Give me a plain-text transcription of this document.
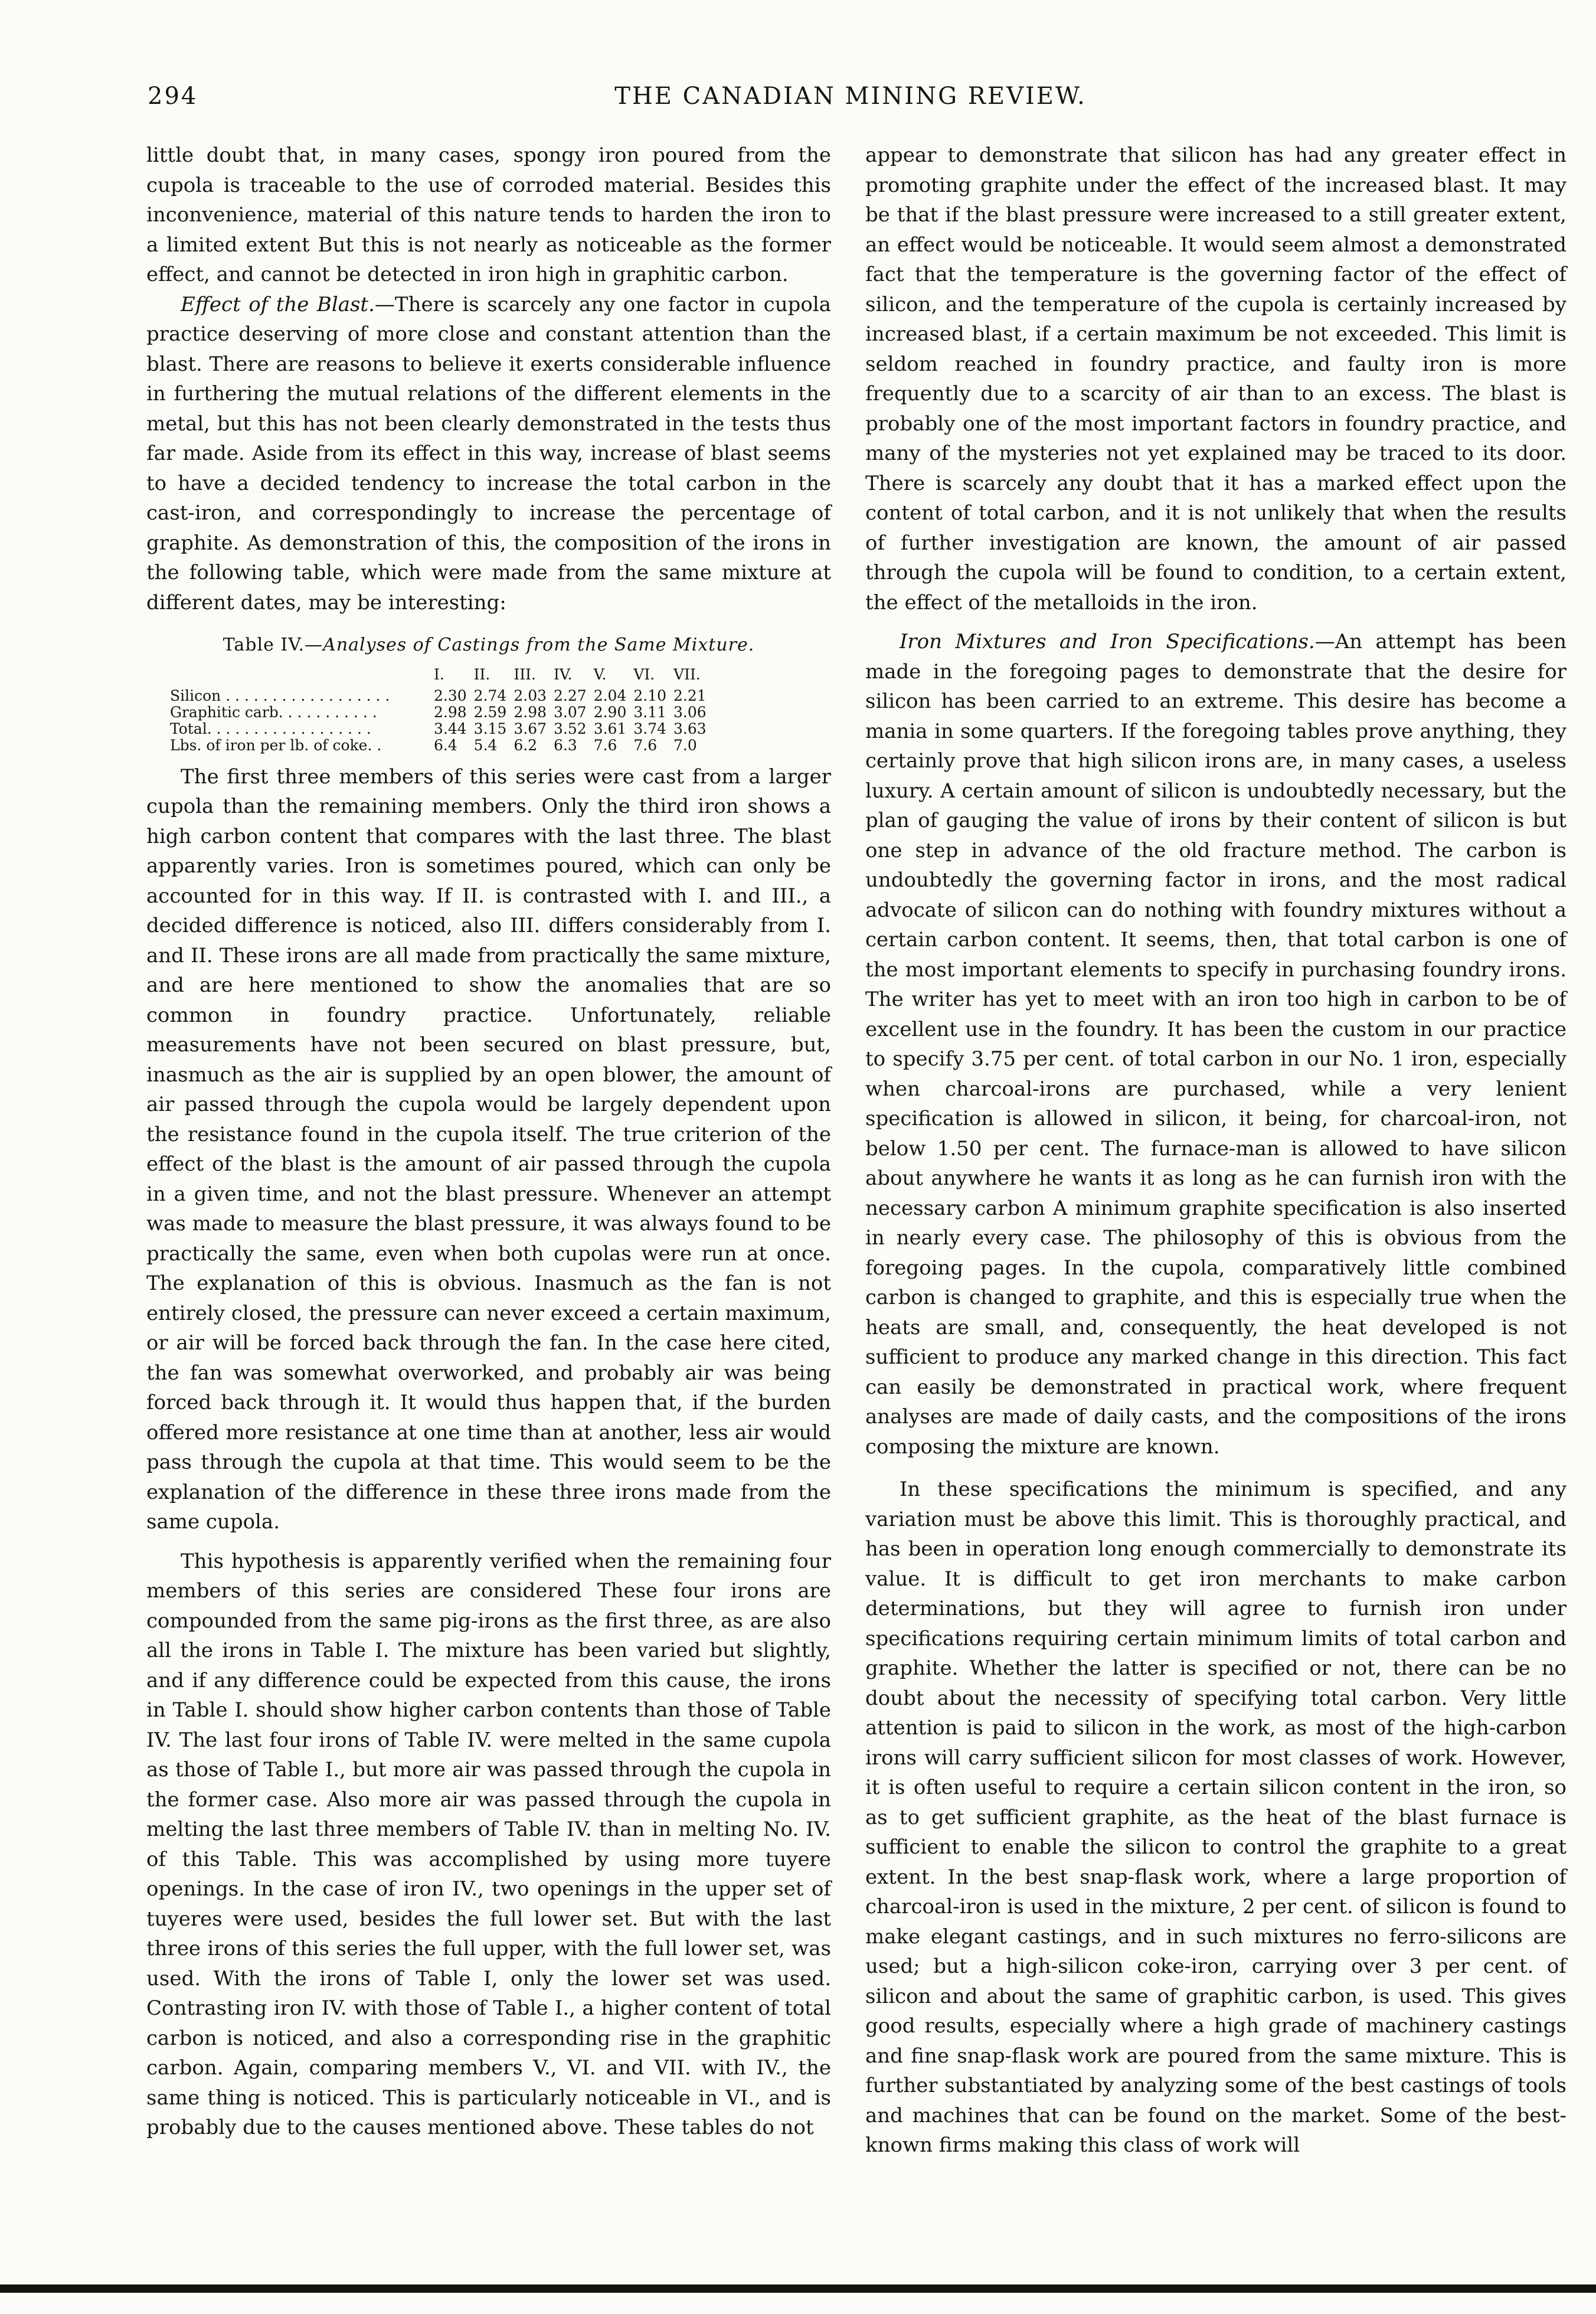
294	THE CANADIAN MINING REVIEW.

little doubt that, in many cases, spongy iron poured from the cupola is traceable to the use of corroded material. Besides this inconvenience, material of this nature tends to harden the iron to a limited extent But this is not nearly as noticeable as the former effect, and cannot be detected in iron high in graphitic carbon.

Effect of the Blast.—There is scarcely any one factor in cupola practice deserving of more close and constant attention than the blast. There are reasons to believe it exerts considerable influence in furthering the mutual relations of the different elements in the metal, but this has not been clearly demonstrated in the tests thus far made. Aside from its effect in this way, increase of blast seems to have a decided tendency to increase the total carbon in the cast-iron, and correspondingly to increase the percentage of graphite. As demonstration of this, the composition of the irons in the following table, which were made from the same mixture at different dates, may be interesting:

Table IV.—Analyses of Castings from the Same Mixture.
	I.	II.	III.	IV.	V.	VI.	VII.
Silicon . . . . . . . . . . . . . . . . . .	2.30	2.74	2.03	2.27	2.04	2.10	2.21
Graphitic carb. . . . . . . . . . .	2.98	2.59	2.98	3.07	2.90	3.11	3.06
Total. . . . . . . . . . . . . . . . . .	3.44	3.15	3.67	3.52	3.61	3.74	3.63
Lbs. of iron per lb. of coke. .	6.4	5.4	6.2	6.3	7.6	7.6	7.0

The first three members of this series were cast from a larger cupola than the remaining members. Only the third iron shows a high carbon content that compares with the last three. The blast apparently varies. Iron is sometimes poured, which can only be accounted for in this way. If II. is contrasted with I. and III., a decided difference is noticed, also III. differs considerably from I. and II. These irons are all made from practically the same mixture, and are here mentioned to show the anomalies that are so common in foundry practice. Unfortunately, reliable measurements have not been secured on blast pressure, but, inasmuch as the air is supplied by an open blower, the amount of air passed through the cupola would be largely dependent upon the resistance found in the cupola itself. The true criterion of the effect of the blast is the amount of air passed through the cupola in a given time, and not the blast pressure. Whenever an attempt was made to measure the blast pressure, it was always found to be practically the same, even when both cupolas were run at once. The explanation of this is obvious. Inasmuch as the fan is not entirely closed, the pressure can never exceed a certain maximum, or air will be forced back through the fan. In the case here cited, the fan was somewhat overworked, and probably air was being forced back through it. It would thus happen that, if the burden offered more resistance at one time than at another, less air would pass through the cupola at that time. This would seem to be the explanation of the difference in these three irons made from the same cupola.

This hypothesis is apparently verified when the remaining four members of this series are considered These four irons are compounded from the same pig-irons as the first three, as are also all the irons in Table I. The mixture has been varied but slightly, and if any difference could be expected from this cause, the irons in Table I. should show higher carbon contents than those of Table IV. The last four irons of Table IV. were melted in the same cupola as those of Table I., but more air was passed through the cupola in the former case. Also more air was passed through the cupola in melting the last three members of Table IV. than in melting No. IV. of this Table. This was accomplished by using more tuyere openings. In the case of iron IV., two openings in the upper set of tuyeres were used, besides the full lower set. But with the last three irons of this series the full upper, with the full lower set, was used. With the irons of Table I, only the lower set was used. Contrasting iron IV. with those of Table I., a higher content of total carbon is noticed, and also a corresponding rise in the graphitic carbon. Again, comparing members V., VI. and VII. with IV., the same thing is noticed. This is particularly noticeable in VI., and is probably due to the causes mentioned above. These tables do not

appear to demonstrate that silicon has had any greater effect in promoting graphite under the effect of the increased blast. It may be that if the blast pressure were increased to a still greater extent, an effect would be noticeable. It would seem almost a demonstrated fact that the temperature is the governing factor of the effect of silicon, and the temperature of the cupola is certainly increased by increased blast, if a certain maximum be not exceeded. This limit is seldom reached in foundry practice, and faulty iron is more frequently due to a scarcity of air than to an excess. The blast is probably one of the most important factors in foundry practice, and many of the mysteries not yet explained may be traced to its door. There is scarcely any doubt that it has a marked effect upon the content of total carbon, and it is not unlikely that when the results of further investigation are known, the amount of air passed through the cupola will be found to condition, to a certain extent, the effect of the metalloids in the iron.

Iron Mixtures and Iron Specifications.—An attempt has been made in the foregoing pages to demonstrate that the desire for silicon has been carried to an extreme. This desire has become a mania in some quarters. If the foregoing tables prove anything, they certainly prove that high silicon irons are, in many cases, a useless luxury. A certain amount of silicon is undoubtedly necessary, but the plan of gauging the value of irons by their content of silicon is but one step in advance of the old fracture method. The carbon is undoubtedly the governing factor in irons, and the most radical advocate of silicon can do nothing with foundry mixtures without a certain carbon content. It seems, then, that total carbon is one of the most important elements to specify in purchasing foundry irons. The writer has yet to meet with an iron too high in carbon to be of excellent use in the foundry. It has been the custom in our practice to specify 3.75 per cent. of total carbon in our No. 1 iron, especially when charcoal-irons are purchased, while a very lenient specification is allowed in silicon, it being, for charcoal-iron, not below 1.50 per cent. The furnace-man is allowed to have silicon about anywhere he wants it as long as he can furnish iron with the necessary carbon A minimum graphite specification is also inserted in nearly every case. The philosophy of this is obvious from the foregoing pages. In the cupola, comparatively little combined carbon is changed to graphite, and this is especially true when the heats are small, and, consequently, the heat developed is not sufficient to produce any marked change in this direction. This fact can easily be demonstrated in practical work, where frequent analyses are made of daily casts, and the compositions of the irons composing the mixture are known.

In these specifications the minimum is specified, and any variation must be above this limit. This is thoroughly practical, and has been in operation long enough commercially to demonstrate its value. It is difficult to get iron merchants to make carbon determinations, but they will agree to furnish iron under specifications requiring certain minimum limits of total carbon and graphite. Whether the latter is specified or not, there can be no doubt about the necessity of specifying total carbon. Very little attention is paid to silicon in the work, as most of the high-carbon irons will carry sufficient silicon for most classes of work. However, it is often useful to require a certain silicon content in the iron, so as to get sufficient graphite, as the heat of the blast furnace is sufficient to enable the silicon to control the graphite to a great extent. In the best snap-flask work, where a large proportion of charcoal-iron is used in the mixture, 2 per cent. of silicon is found to make elegant castings, and in such mixtures no ferro-silicons are used; but a high-silicon coke-iron, carrying over 3 per cent. of silicon and about the same of graphitic carbon, is used. This gives good results, especially where a high grade of machinery castings and fine snap-flask work are poured from the same mixture. This is further substantiated by analyzing some of the best castings of tools and machines that can be found on the market. Some of the best-known firms making this class of work will
